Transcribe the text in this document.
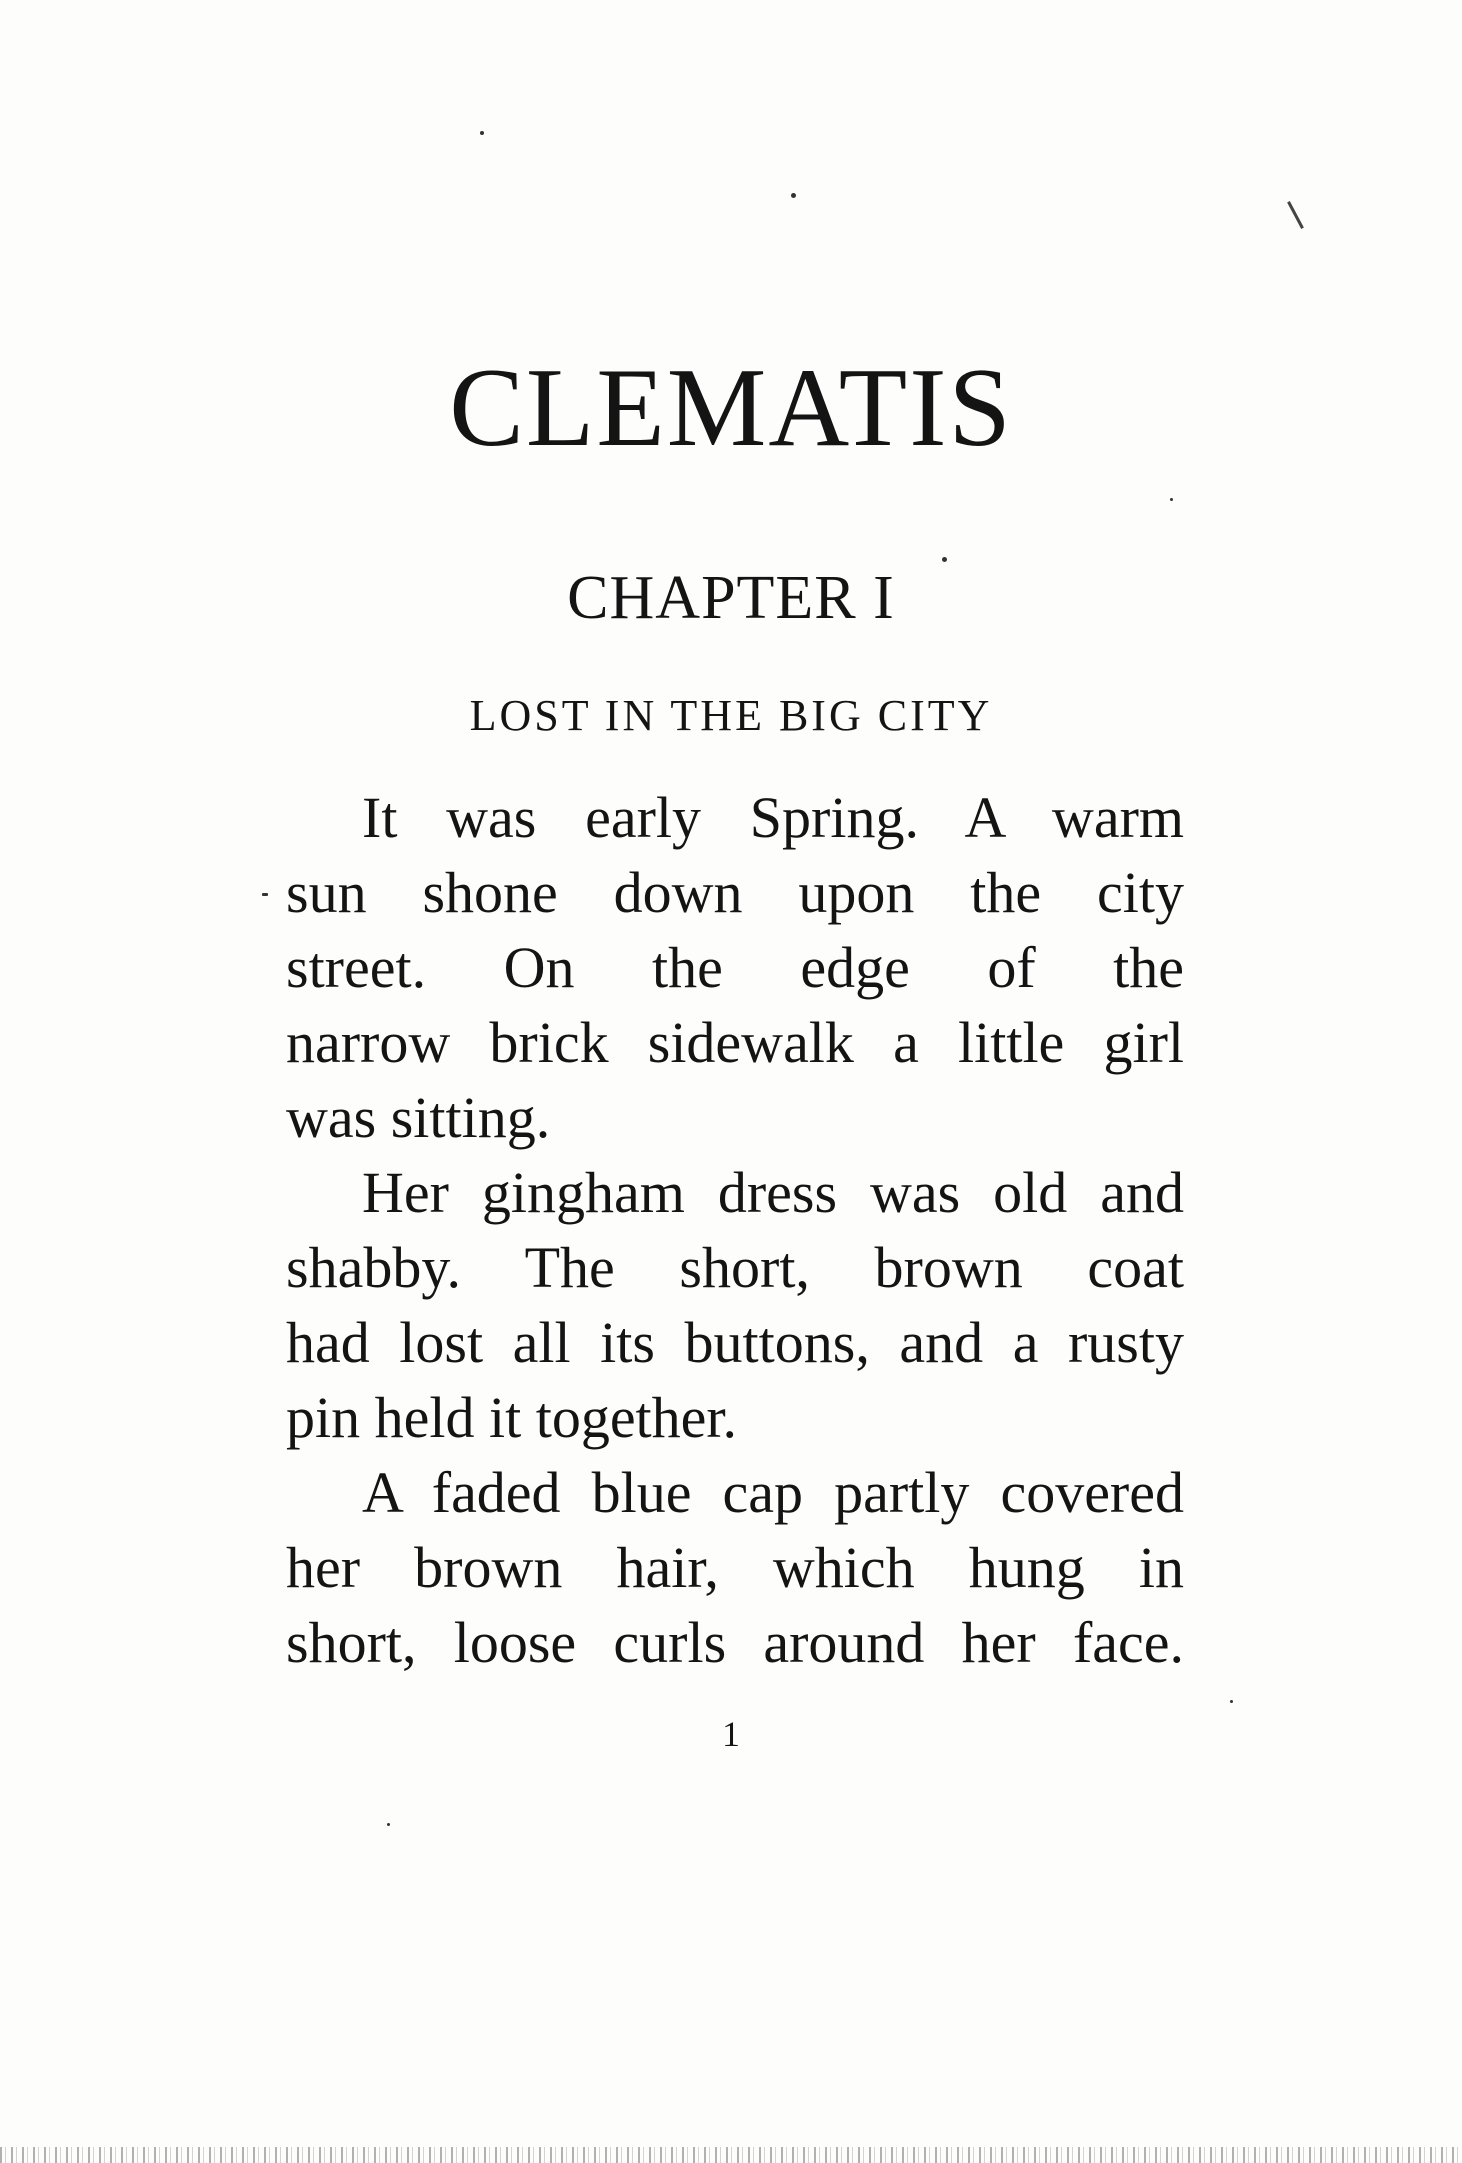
CLEMATIS
CHAPTER I
LOST IN THE BIG CITY

It was early Spring. A warm
sun shone down upon the city
street. On the edge of the
narrow brick sidewalk a little girl
was sitting.

Her gingham dress was old and
shabby. The short, brown coat
had lost all its buttons, and a rusty
pin held it together.

A faded blue cap partly covered
her brown hair, which hung in
short, loose curls around her face.

1
